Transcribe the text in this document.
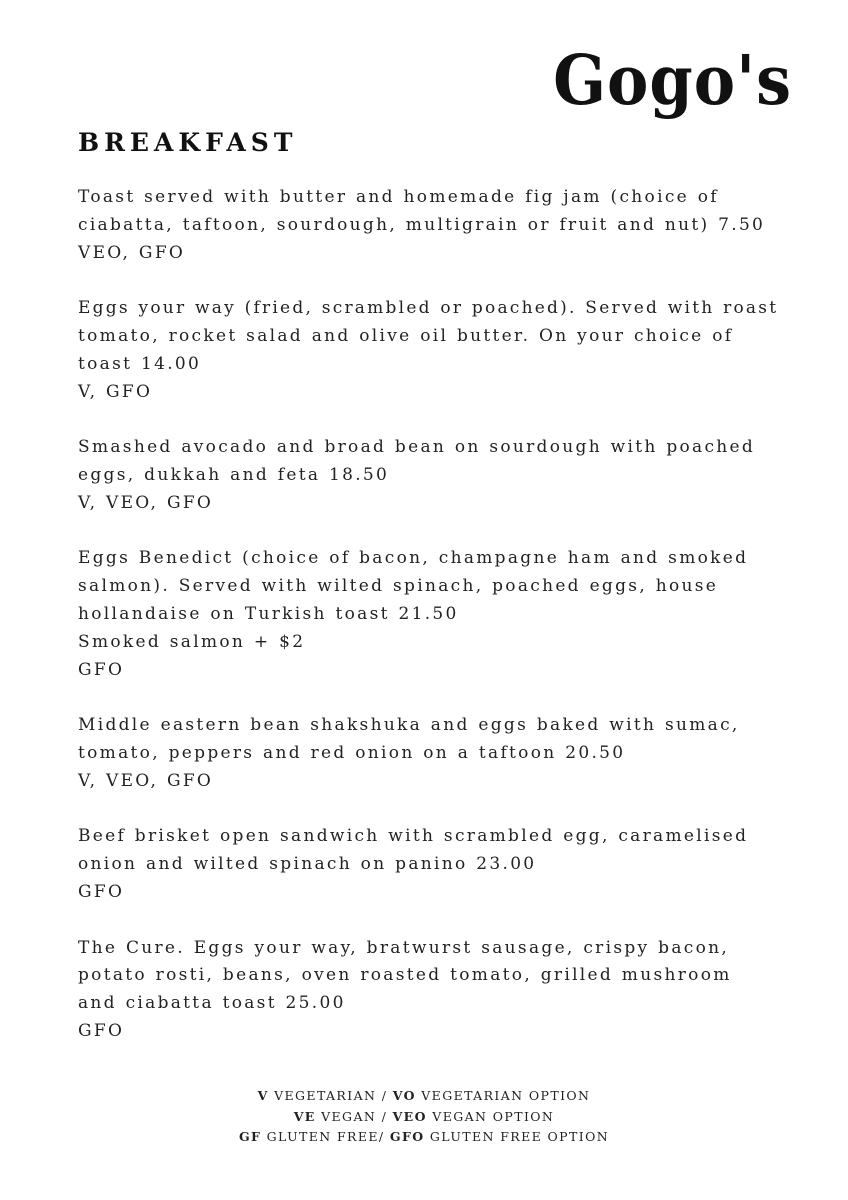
Gogo's
BREAKFAST
Toast served with butter and homemade fig jam (choice of
ciabatta, taftoon, sourdough, multigrain or fruit and nut) 7.50
VEO, GFO
Eggs your way (fried, scrambled or poached). Served with roast
tomato, rocket salad and olive oil butter. On your choice of
toast 14.00
V, GFO
Smashed avocado and broad bean on sourdough with poached
eggs, dukkah and feta 18.50
V, VEO, GFO
Eggs Benedict (choice of bacon, champagne ham and smoked
salmon). Served with wilted spinach, poached eggs, house
hollandaise on Turkish toast 21.50
Smoked salmon + $2
GFO
Middle eastern bean shakshuka and eggs baked with sumac,
tomato, peppers and red onion on a taftoon 20.50
V, VEO, GFO
Beef brisket open sandwich with scrambled egg, caramelised
onion and wilted spinach on panino 23.00
GFO
The Cure. Eggs your way, bratwurst sausage, crispy bacon,
potato rosti, beans, oven roasted tomato, grilled mushroom
and ciabatta toast 25.00
GFO
V VEGETARIAN / VO VEGETARIAN OPTION
VE VEGAN / VEO VEGAN OPTION
GF GLUTEN FREE/ GFO GLUTEN FREE OPTION
